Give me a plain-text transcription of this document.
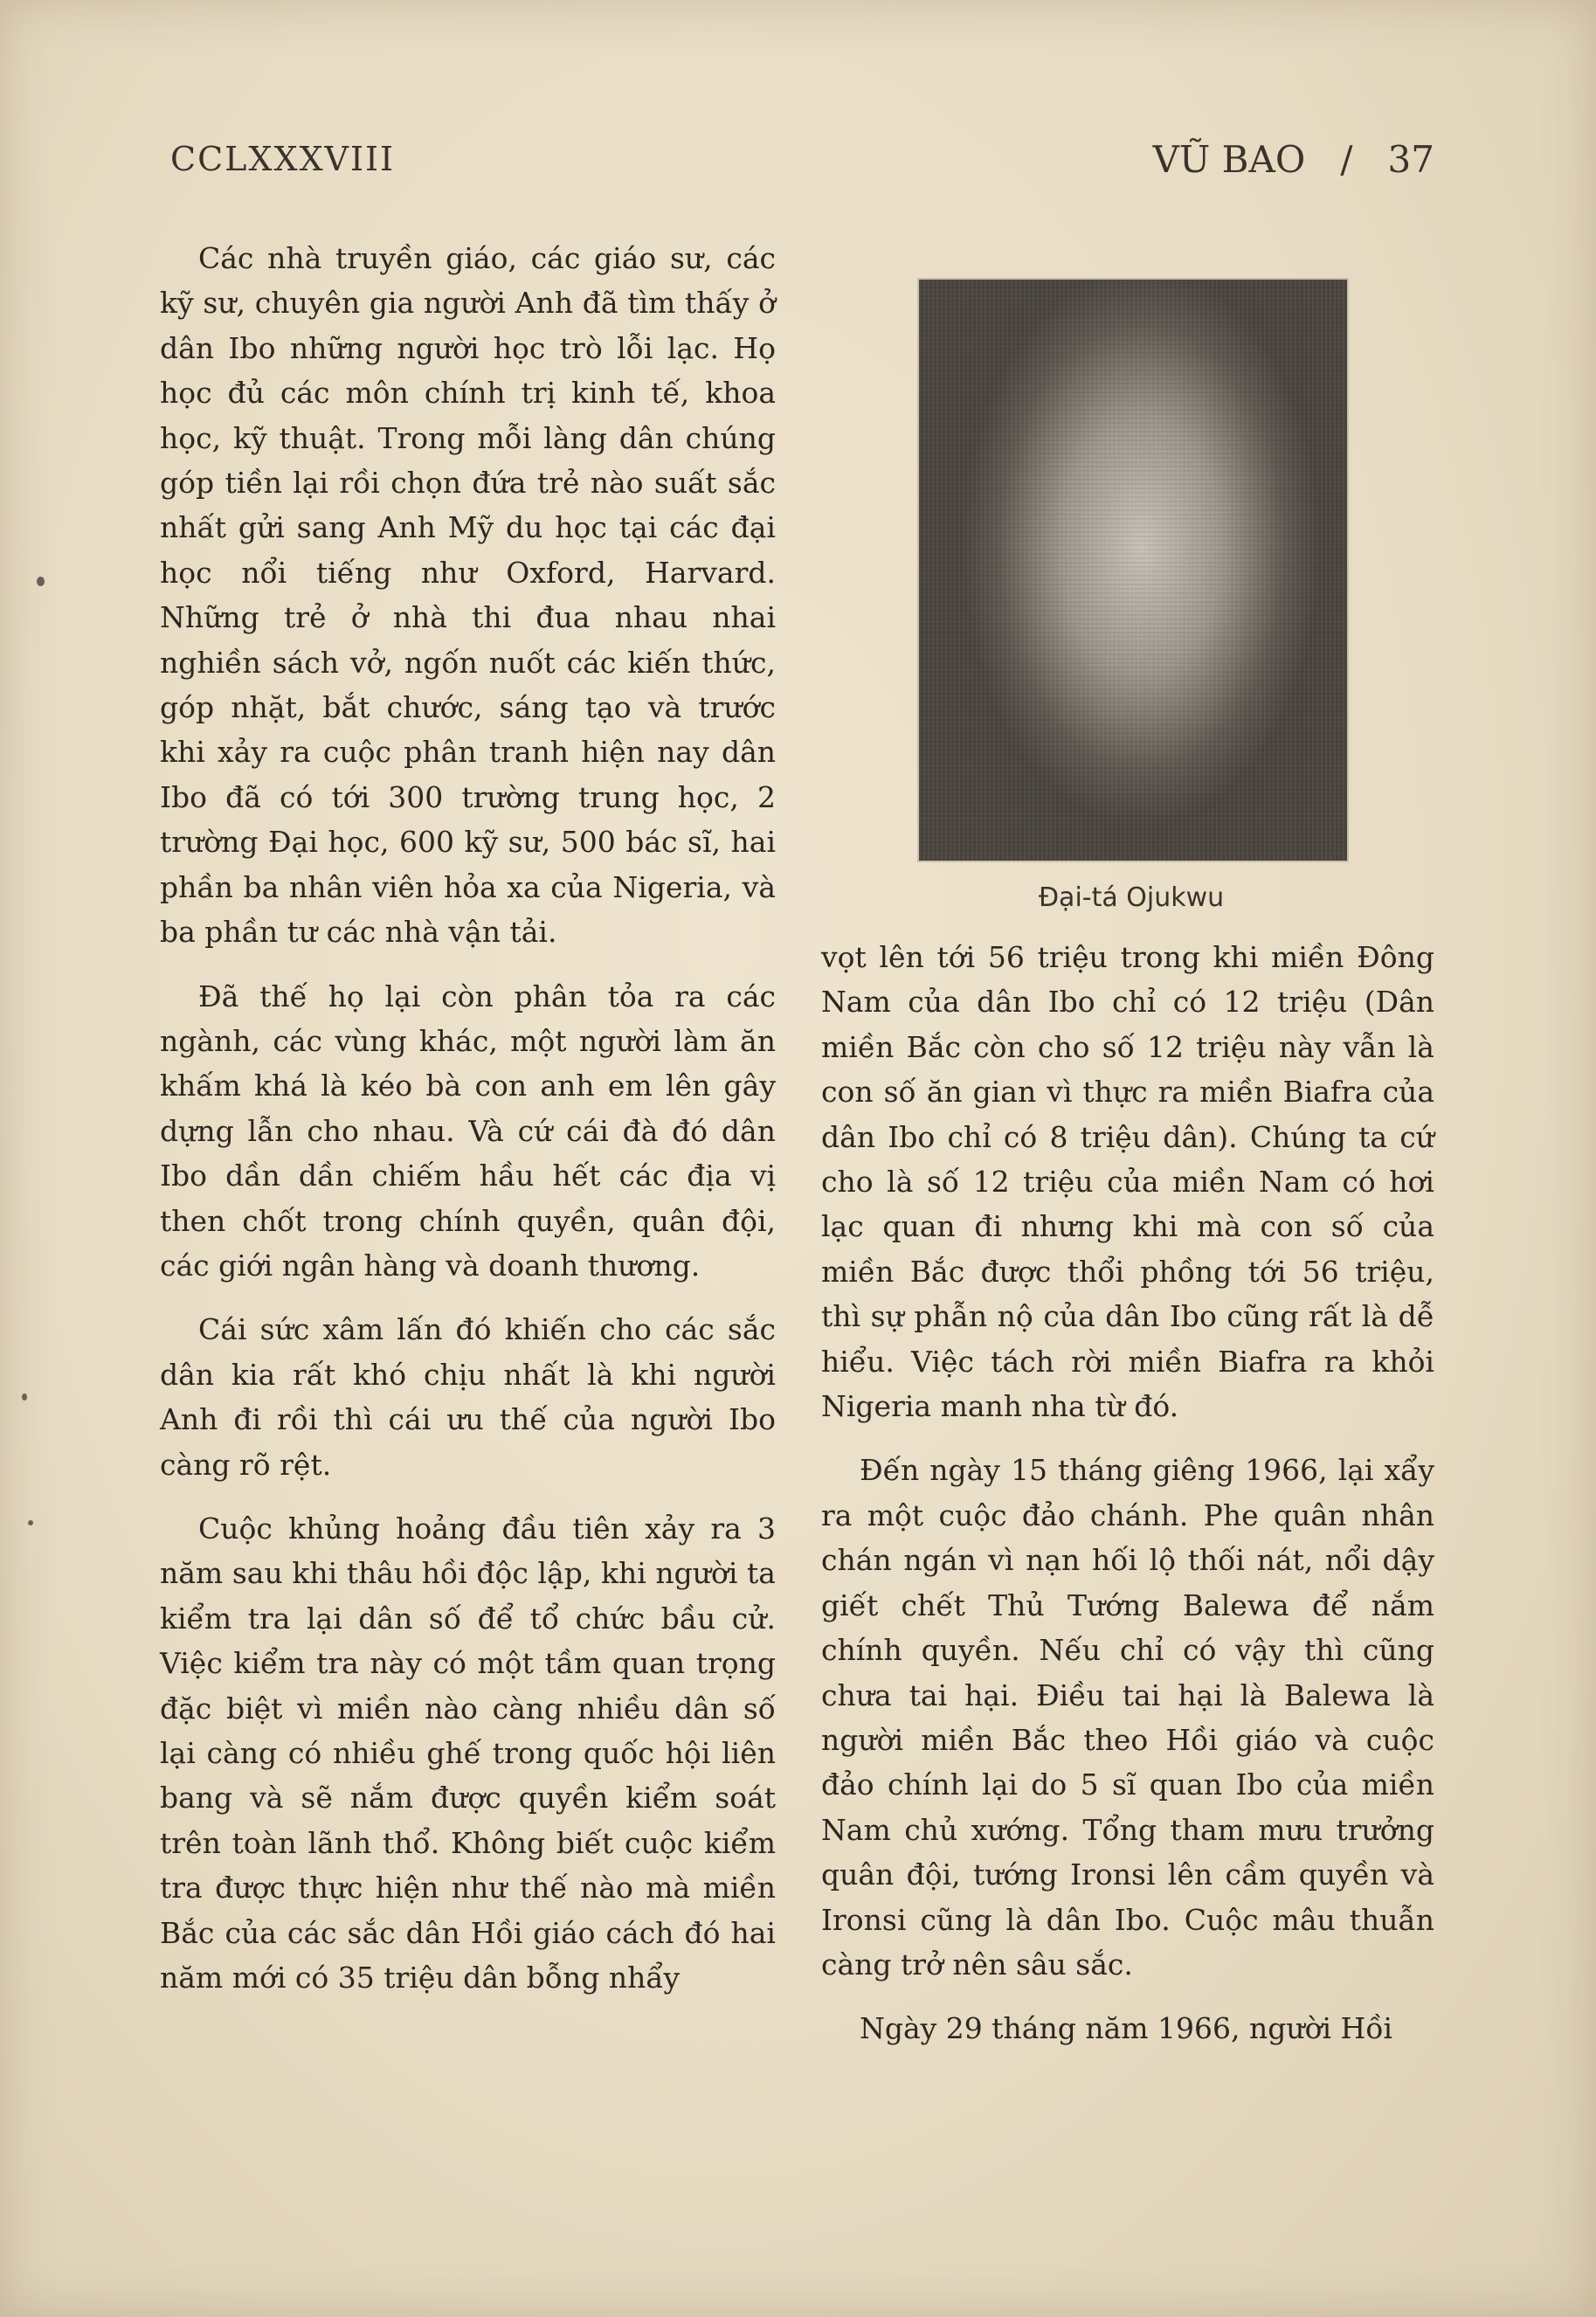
CCLXXXVIII	VŨ BAO   /   37

Các nhà truyền giáo, các giáo sư, các kỹ sư, chuyên gia người Anh đã tìm thấy ở dân Ibo những người học trò lỗi lạc. Họ học đủ các môn chính trị kinh tế, khoa học, kỹ thuật. Trong mỗi làng dân chúng góp tiền lại rồi chọn đứa trẻ nào suất sắc nhất gửi sang Anh Mỹ du học tại các đại học nổi tiếng như Oxford, Harvard. Những trẻ ở nhà thi đua nhau nhai nghiền sách vở, ngốn nuốt các kiến thức, góp nhặt, bắt chước, sáng tạo và trước khi xảy ra cuộc phân tranh hiện nay dân Ibo đã có tới 300 trường trung học, 2 trường Đại học, 600 kỹ sư, 500 bác sĩ, hai phần ba nhân viên hỏa xa của Nigeria, và ba phần tư các nhà vận tải.

Đã thế họ lại còn phân tỏa ra các ngành, các vùng khác, một người làm ăn khấm khá là kéo bà con anh em lên gây dựng lẫn cho nhau. Và cứ cái đà đó dân Ibo dần dần chiếm hầu hết các địa vị then chốt trong chính quyền, quân đội, các giới ngân hàng và doanh thương.

Cái sức xâm lấn đó khiến cho các sắc dân kia rất khó chịu nhất là khi người Anh đi rồi thì cái ưu thế của người Ibo càng rõ rệt.

Cuộc khủng hoảng đầu tiên xảy ra 3 năm sau khi thâu hồi độc lập, khi người ta kiểm tra lại dân số để tổ chức bầu cử. Việc kiểm tra này có một tầm quan trọng đặc biệt vì miền nào càng nhiều dân số lại càng có nhiều ghế trong quốc hội liên bang và sẽ nắm được quyền kiểm soát trên toàn lãnh thổ. Không biết cuộc kiểm tra được thực hiện như thế nào mà miền Bắc của các sắc dân Hồi giáo cách đó hai năm mới có 35 triệu dân bỗng nhẩy

Đại-tá Ojukwu

vọt lên tới 56 triệu trong khi miền Đông Nam của dân Ibo chỉ có 12 triệu (Dân miền Bắc còn cho số 12 triệu này vẫn là con số ăn gian vì thực ra miền Biafra của dân Ibo chỉ có 8 triệu dân). Chúng ta cứ cho là số 12 triệu của miền Nam có hơi lạc quan đi nhưng khi mà con số của miền Bắc được thổi phồng tới 56 triệu, thì sự phẫn nộ của dân Ibo cũng rất là dễ hiểu. Việc tách rời miền Biafra ra khỏi Nigeria manh nha từ đó.

Đến ngày 15 tháng giêng 1966, lại xẩy ra một cuộc đảo chánh. Phe quân nhân chán ngán vì nạn hối lộ thối nát, nổi dậy giết chết Thủ Tướng Balewa để nắm chính quyền. Nếu chỉ có vậy thì cũng chưa tai hại. Điều tai hại là Balewa là người miền Bắc theo Hồi giáo và cuộc đảo chính lại do 5 sĩ quan Ibo của miền Nam chủ xướng. Tổng tham mưu trưởng quân đội, tướng Ironsi lên cầm quyền và Ironsi cũng là dân Ibo. Cuộc mâu thuẫn càng trở nên sâu sắc.

Ngày 29 tháng năm 1966, người Hồi
